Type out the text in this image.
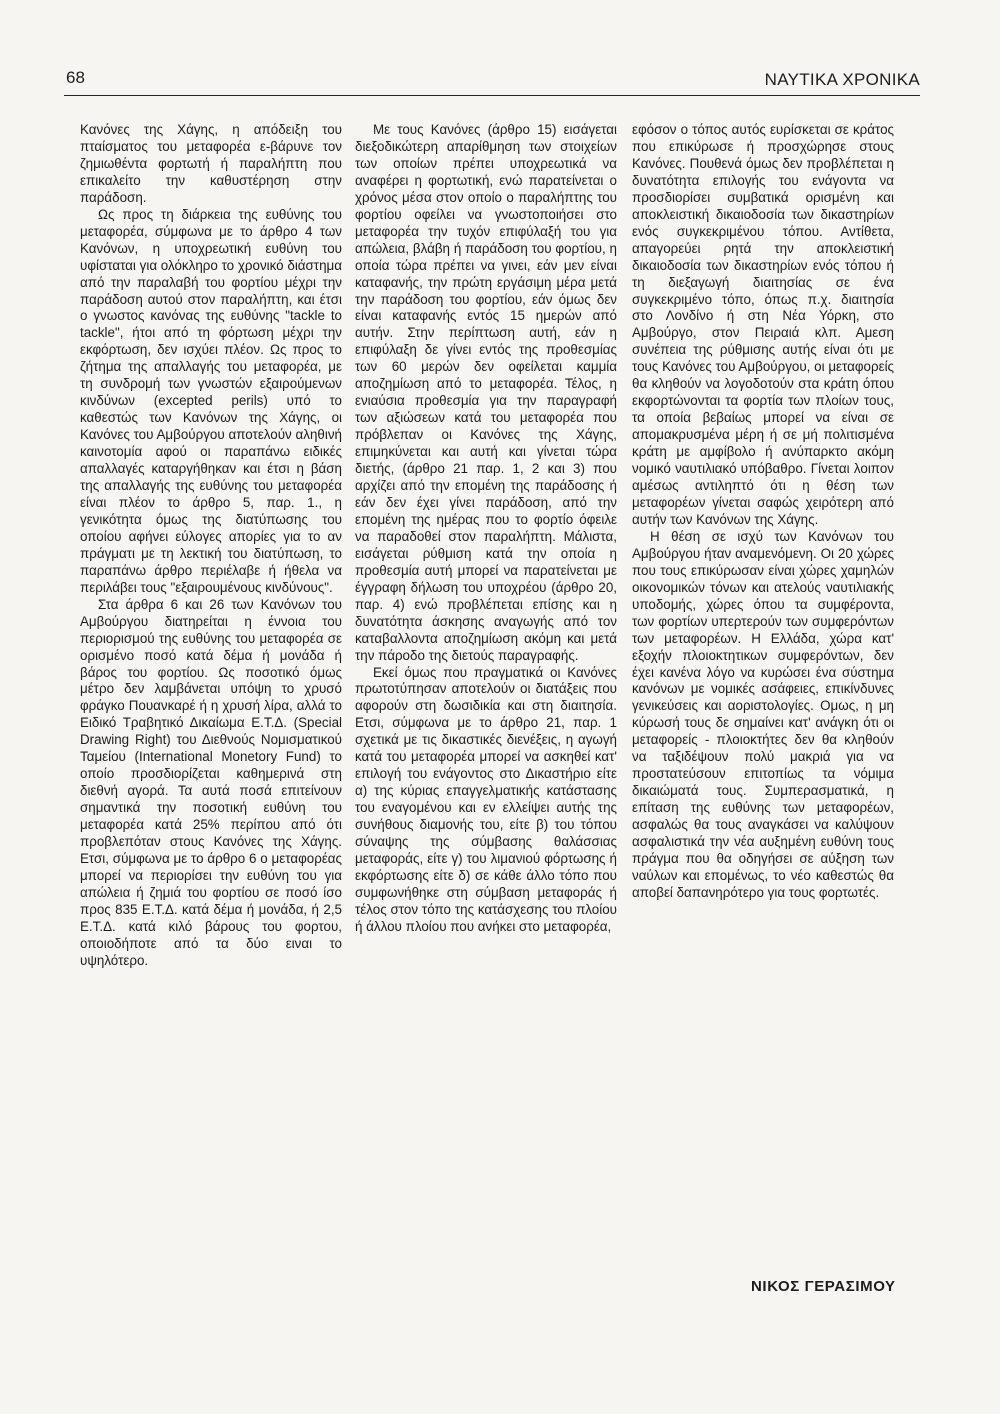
68	ΝΑΥΤΙΚΑ ΧΡΟΝΙΚΑ

Κανόνες της Χάγης, η απόδειξη του πταίσματος του μεταφορέα ε-βάρυνε τον ζημιωθέντα φορτωτή ή παραλήπτη που επικαλείτο την καθυστέρηση στην παράδοση.

Ως προς τη διάρκεια της ευθύνης του μεταφορέα, σύμφωνα με το άρθρο 4 των Κανόνων, η υποχρεωτική ευθύνη του υφίσταται για ολόκληρο το χρονικό διάστημα από την παραλαβή του φορτίου μέχρι την παράδοση αυτού στον παραλήπτη, και έτσι ο γνωστος κανόνας της ευθύνης "tackle to tackle", ήτοι από τη φόρτωση μέχρι την εκφόρτωση, δεν ισχύει πλέον. Ως προς το ζήτημα της απαλλαγής του μεταφορέα, με τη συνδρομή των γνωστών εξαιρούμενων κινδύνων (excepted perils) υπό το καθεστώς των Κανόνων της Χάγης, οι Κανόνες του Αμβούργου αποτελούν αληθινή καινοτομία αφού οι παραπάνω ειδικές απαλλαγές καταργήθηκαν και έτσι η βάση της απαλλαγής της ευθύνης του μεταφορέα είναι πλέον το άρθρο 5, παρ. 1., η γενικότητα όμως της διατύπωσης του οποίου αφήνει εύλογες απορίες για το αν πράγματι με τη λεκτική του διατύπωση, το παραπάνω άρθρο περιέλαβε ή ήθελα να περιλάβει τους "εξαιρουμένους κινδύνους".

Στα άρθρα 6 και 26 των Κανόνων του Αμβούργου διατηρείται η έννοια του περιορισμού της ευθύνης του μεταφορέα σε ορισμένο ποσό κατά δέμα ή μονάδα ή βάρος του φορτίου. Ως ποσοτικό όμως μέτρο δεν λαμβάνεται υπόψη το χρυσό φράγκο Πουανκαρέ ή η χρυσή λίρα, αλλά το Ειδικό Τραβητικό Δικαίωμα Ε.Τ.Δ. (Special Drawing Right) του Διεθνούς Νομισματικού Ταμείου (International Monetory Fund) το οποίο προσδιορίζεται καθημερινά στη διεθνή αγορά. Τα αυτά ποσά επιτείνουν σημαντικά την ποσοτική ευθύνη του μεταφορέα κατά 25% περίπου από ότι προβλεπόταν στους Κανόνες της Χάγης. Ετσι, σύμφωνα με το άρθρο 6 ο μεταφορέας μπορεί να περιορίσει την ευθύνη του για απώλεια ή ζημιά του φορτίου σε ποσό ίσο προς 835 Ε.Τ.Δ. κατά δέμα ή μονάδα, ή 2,5 Ε.Τ.Δ. κατά κιλό βάρους του φορτου, οποιοδήποτε από τα δύο ειναι το υψηλότερο.

Με τους Κανόνες (άρθρο 15) εισάγεται διεξοδικώτερη απαρίθμηση των στοιχείων των οποίων πρέπει υποχρεωτικά να αναφέρει η φορτωτική, ενώ παρατείνεται ο χρόνος μέσα στον οποίο ο παραλήπτης του φορτίου οφείλει να γνωστοποιήσει στο μεταφορέα την τυχόν επιφύλαξή του για απώλεια, βλάβη ή παράδοση του φορτίου, η οποία τώρα πρέπει να γινει, εάν μεν είναι καταφανής, την πρώτη εργάσιμη μέρα μετά την παράδοση του φορτίου, εάν όμως δεν είναι καταφανής εντός 15 ημερών από αυτήν. Στην περίπτωση αυτή, εάν η επιφύλαξη δε γίνει εντός της προθεσμίας των 60 μερών δεν οφείλεται καμμία αποζημίωση από το μεταφορέα. Τέλος, η ενιαύσια προθεσμία για την παραγραφή των αξιώσεων κατά του μεταφορέα που πρόβλεπαν οι Κανόνες της Χάγης, επιμηκύνεται και αυτή και γίνεται τώρα διετής, (άρθρο 21 παρ. 1, 2 και 3) που αρχίζει από την επομένη της παράδοσης ή εάν δεν έχει γίνει παράδοση, από την επομένη της ημέρας που το φορτίο όφειλε να παραδοθεί στον παραλήπτη. Μάλιστα, εισάγεται ρύθμιση κατά την οποία η προθεσμία αυτή μπορεί να παρατείνεται με έγγραφη δήλωση του υποχρέου (άρθρο 20, παρ. 4) ενώ προβλέπεται επίσης και η δυνατότητα άσκησης αναγωγής από τον καταβαλλοντα αποζημίωση ακόμη και μετά την πάροδο της διετούς παραγραφής.

Εκεί όμως που πραγματικά οι Κανόνες πρωτοτύπησαν αποτελούν οι διατάξεις που αφορούν στη δωσιδικία και στη διαιτησία. Ετσι, σύμφωνα με το άρθρο 21, παρ. 1 σχετικά με τις δικαστικές διενέξεις, η αγωγή κατά του μεταφορέα μπορεί να ασκηθεί κατ' επιλογή του ενάγοντος στο Δικαστήριο είτε α) της κύριας επαγγελματικής κατάστασης του εναγομένου και εν ελλείψει αυτής της συνήθους διαμονής του, είτε β) του τόπου σύναψης της σύμβασης θαλάσσιας μεταφοράς, είτε γ) του λιμανιού φόρτωσης ή εκφόρτωσης είτε δ) σε κάθε άλλο τόπο που συμφωνήθηκε στη σύμβαση μεταφοράς ή τέλος στον τόπο της κατάσχεσης του πλοίου ή άλλου πλοίου που ανήκει στο μεταφορέα,

εφόσον ο τόπος αυτός ευρίσκεται σε κράτος που επικύρωσε ή προσχώρησε στους Κανόνες. Πουθενά όμως δεν προβλέπεται η δυνατότητα επιλογής του ενάγοντα να προσδιορίσει συμβατικά ορισμένη και αποκλειστική δικαιοδοσία των δικαστηρίων ενός συγκεκριμένου τόπου. Αντίθετα, απαγορεύει ρητά την αποκλειστική δικαιοδοσία των δικαστηρίων ενός τόπου ή τη διεξαγωγή διαιτησίας σε ένα συγκεκριμένο τόπο, όπως π.χ. διαιτησία στο Λονδίνο ή στη Νέα Υόρκη, στο Αμβούργο, στον Πειραιά κλπ. Αμεση συνέπεια της ρύθμισης αυτής είναι ότι με τους Κανόνες του Αμβούργου, οι μεταφορείς θα κληθούν να λογοδοτούν στα κράτη όπου εκφορτώνονται τα φορτία των πλοίων τους, τα οποία βεβαίως μπορεί να είναι σε απομακρυσμένα μέρη ή σε μή πολιτισμένα κράτη με αμφίβολο ή ανύπαρκτο ακόμη νομικό ναυτιλιακό υπόβαθρο. Γίνεται λοιπον αμέσως αντιληπτό ότι η θέση των μεταφορέων γίνεται σαφώς χειρότερη από αυτήν των Κανόνων της Χάγης.

Η θέση σε ισχύ των Κανόνων του Αμβούργου ήταν αναμενόμενη. Οι 20 χώρες που τους επικύρωσαν είναι χώρες χαμηλών οικονομικών τόνων και ατελούς ναυτιλιακής υποδομής, χώρες όπου τα συμφέροντα, των φορτίων υπερτερούν των συμφερόντων των μεταφορέων. Η Ελλάδα, χώρα κατ' εξοχήν πλοιοκτητικων συμφερόντων, δεν έχει κανένα λόγο να κυρώσει ένα σύστημα κανόνων με νομικές ασάφειες, επικίνδυνες γενικεύσεις και αοριστολογίες. Ομως, η μη κύρωσή τους δε σημαίνει κατ' ανάγκη ότι οι μεταφορείς - πλοιοκτήτες δεν θα κληθούν να ταξιδέψουν πολύ μακριά για να προστατεύσουν επιτοπίως τα νόμιμα δικαιώματά τους. Συμπερασματικά, η επίταση της ευθύνης των μεταφορέων, ασφαλώς θα τους αναγκάσει να καλύψουν ασφαλιστικά την νέα αυξημένη ευθύνη τους πράγμα που θα οδηγήσει σε αύξηση των ναύλων και επομένως, το νέο καθεστώς θα αποβεί δαπανηρότερο για τους φορτωτές.

ΝΙΚΟΣ ΓΕΡΑΣΙΜΟΥ
